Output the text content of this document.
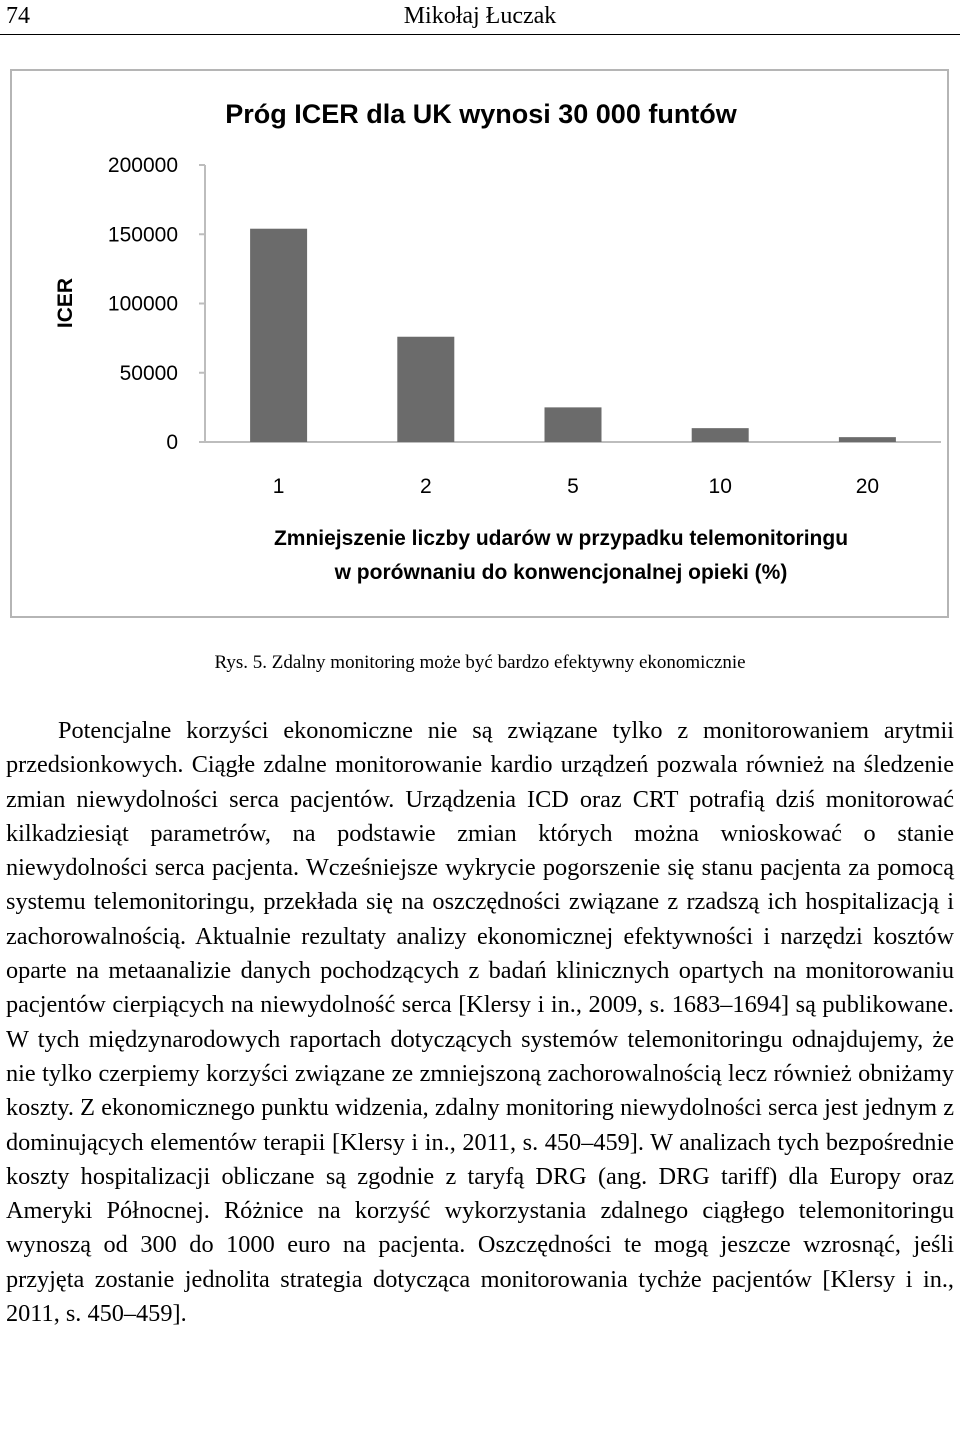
74	Mikołaj Łuczak
Próg ICER dla UK wynosi 30 000 funtów
ICER
0
50000
100000
150000
200000
1	2	5	10	20
Zmniejszenie liczby udarów w przypadku telemonitoringu
w porównaniu do konwencjonalnej opieki (%)
Rys. 5. Zdalny monitoring może być bardzo efektywny ekonomicznie

Potencjalne korzyści ekonomiczne nie są związane tylko z monitorowaniem arytmii przedsionkowych. Ciągłe zdalne monitorowanie kardio urządzeń pozwala również na śledzenie zmian niewydolności serca pacjentów. Urządzenia ICD oraz CRT potrafią dziś monitorować kilkadziesiąt parametrów, na podstawie zmian których można wnioskować o stanie niewydolności serca pacjenta. Wcześniejsze wykrycie pogorszenie się stanu pacjenta za pomocą systemu telemonitoringu, przekłada się na oszczędności związane z rzadszą ich hospitalizacją i zachorowalnością. Aktualnie rezultaty analizy ekonomicznej efektywności i narzędzi kosztów oparte na metaanalizie danych pochodzących z badań klinicznych opartych na monitorowaniu pacjentów cierpiących na niewydolność serca [Klersy i in., 2009, s. 1683–1694] są publikowane. W tych międzynarodowych raportach dotyczących systemów telemonitoringu odnajdujemy, że nie tylko czerpiemy korzyści związane ze zmniejszoną zachorowalnością lecz również obniżamy koszty. Z ekonomicznego punktu widzenia, zdalny monitoring niewydolności serca jest jednym z dominujących elementów terapii [Klersy i in., 2011, s. 450–459]. W analizach tych bezpośrednie koszty hospitalizacji obliczane są zgodnie z taryfą DRG (ang. DRG tariff) dla Europy oraz Ameryki Północnej. Różnice na korzyść wykorzystania zdalnego ciągłego telemonitoringu wynoszą od 300 do 1000 euro na pacjenta. Oszczędności te mogą jeszcze wzrosnąć, jeśli przyjęta zostanie jednolita strategia dotycząca monitorowania tychże pacjentów [Klersy i in., 2011, s. 450–459].
